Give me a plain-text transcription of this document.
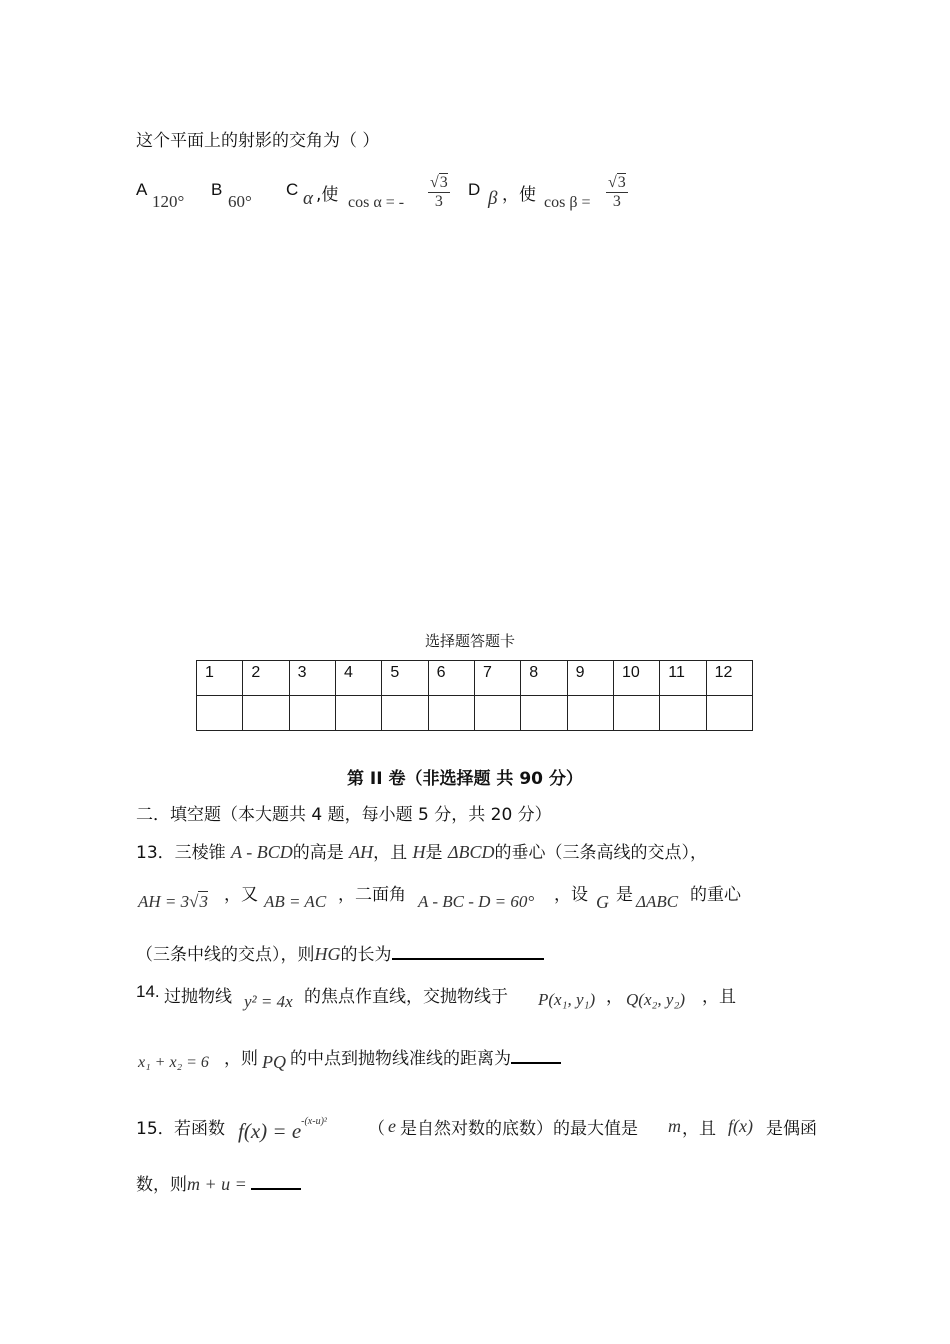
这个平面上的射影的交角为（ ）
A
120°
B
60°
C α ,使 cos α = - $\frac{√3}{3}$ D β ，使 $\cos \beta = \frac{√3}{3}$
选择题答题卡
1	2	3	4	5	6	7	8	9	10	11	12

第 II 卷（非选择题 共 90 分）
二．填空题（本大题共 4 题，每小题 5 分，共 20 分）
13．三棱锥 A - BCD的高是 AH，且 H是 ΔBCD的垂心（三条高线的交点），
AH = 3√3 ，又 AB = AC ，二面角 A - BC - D = 60° ，设 G 是 ΔABC 的重心
（三条中线的交点），则HG的长为
14. 过抛物线 y² = 4x 的焦点作直线，交抛物线于 P(x₁, y₁) ， Q(x₂, y₂) ，且
x₁ + x₂ = 6 ，则 PQ 的中点到抛物线准线的距离为
15． 若函数 $f(x) = e^{-(x-u)^2}$ （ e 是自然对数的底数）的最大值是 m ，且 f(x) 是偶函
数，则m + u =
